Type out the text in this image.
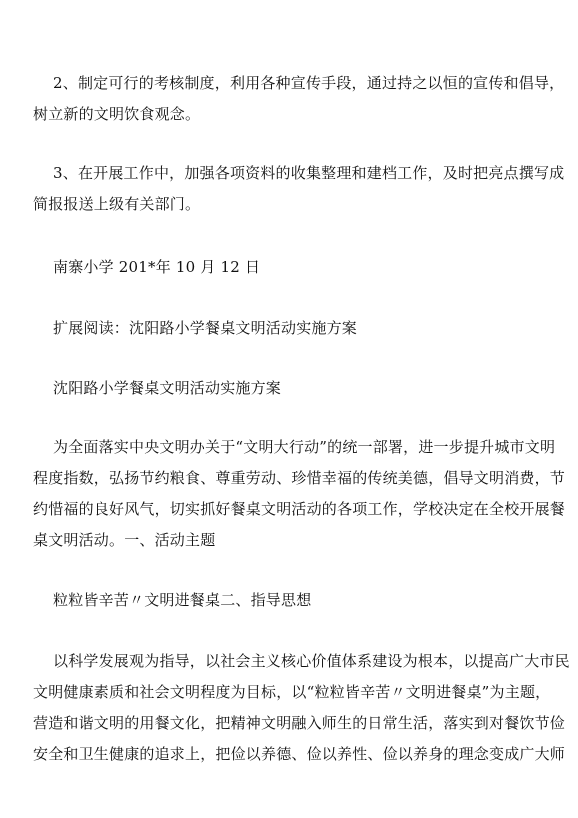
2、制定可行的考核制度，利用各种宣传手段，通过持之以恒的宣传和倡导，
树立新的文明饮食观念。

3、在开展工作中，加强各项资料的收集整理和建档工作，及时把亮点撰写成
简报报送上级有关部门。

南寨小学 201*年 10 月 12 日

扩展阅读：沈阳路小学餐桌文明活动实施方案

沈阳路小学餐桌文明活动实施方案

为全面落实中央文明办关于“文明大行动”的统一部署，进一步提升城市文明
程度指数，弘扬节约粮食、尊重劳动、珍惜幸福的传统美德，倡导文明消费，节
约惜福的良好风气，切实抓好餐桌文明活动的各项工作，学校决定在全校开展餐
桌文明活动。一、活动主题

粒粒皆辛苦〃文明进餐桌二、指导思想

以科学发展观为指导，以社会主义核心价值体系建设为根本，以提高广大市民
文明健康素质和社会文明程度为目标，以“粒粒皆辛苦〃文明进餐桌”为主题，
营造和谐文明的用餐文化，把精神文明融入师生的日常生活，落实到对餐饮节俭
安全和卫生健康的追求上，把俭以养德、俭以养性、俭以养身的理念变成广大师
